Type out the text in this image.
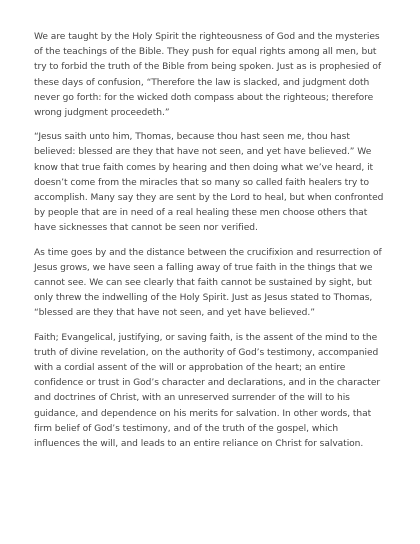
We are taught by the Holy Spirit the righteousness of God and the mysteries of the teachings of the Bible. They push for equal rights among all men, but try to forbid the truth of the Bible from being spoken. Just as is prophesied of these days of confusion, “Therefore the law is slacked, and judgment doth never go forth: for the wicked doth compass about the righteous; therefore wrong judgment proceedeth.”

“Jesus saith unto him, Thomas, because thou hast seen me, thou hast believed: blessed are they that have not seen, and yet have believed.” We know that true faith comes by hearing and then doing what we’ve heard, it doesn’t come from the miracles that so many so called faith healers try to accomplish. Many say they are sent by the Lord to heal, but when confronted by people that are in need of a real healing these men choose others that have sicknesses that cannot be seen nor verified.

As time goes by and the distance between the crucifixion and resurrection of Jesus grows, we have seen a falling away of true faith in the things that we cannot see. We can see clearly that faith cannot be sustained by sight, but only threw the indwelling of the Holy Spirit. Just as Jesus stated to Thomas, “blessed are they that have not seen, and yet have believed.”

Faith; Evangelical, justifying, or saving faith, is the assent of the mind to the truth of divine revelation, on the authority of God’s testimony, accompanied with a cordial assent of the will or approbation of the heart; an entire confidence or trust in God’s character and declarations, and in the character and doctrines of Christ, with an unreserved surrender of the will to his guidance, and dependence on his merits for salvation. In other words, that firm belief of God’s testimony, and of the truth of the gospel, which influences the will, and leads to an entire reliance on Christ for salvation.
